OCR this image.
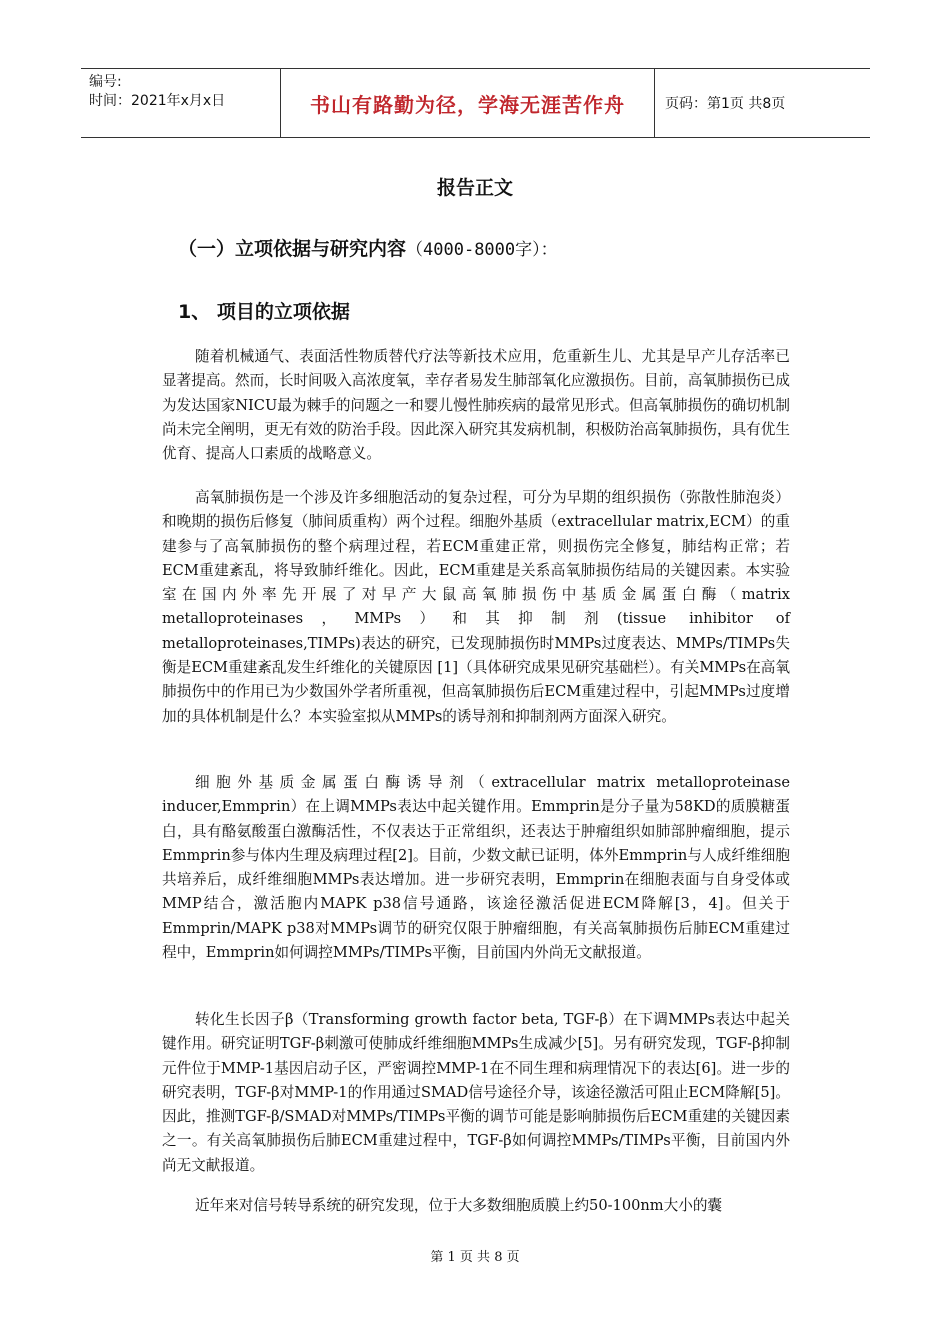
编号:
时间：2021年x月x日	书山有路勤为径，学海无涯苦作舟	页码：第1页 共8页
报告正文
（一）立项依据与研究内容（4000-8000字）：
1、 项目的立项依据

随着机械通气、表面活性物质替代疗法等新技术应用，危重新生儿、尤其是早产儿存活率已显著提高。然而，长时间吸入高浓度氧，幸存者易发生肺部氧化应激损伤。目前，高氧肺损伤已成为发达国家NICU最为棘手的问题之一和婴儿慢性肺疾病的最常见形式。但高氧肺损伤的确切机制尚未完全阐明，更无有效的防治手段。因此深入研究其发病机制，积极防治高氧肺损伤，具有优生优育、提高人口素质的战略意义。

高氧肺损伤是一个涉及许多细胞活动的复杂过程，可分为早期的组织损伤（弥散性肺泡炎）和晚期的损伤后修复（肺间质重构）两个过程。细胞外基质（extracellular matrix,ECM）的重建参与了高氧肺损伤的整个病理过程，若ECM重建正常，则损伤完全修复，肺结构正常；若ECM重建紊乱，将导致肺纤维化。因此，ECM重建是关系高氧肺损伤结局的关键因素。本实验室在国内外率先开展了对早产大鼠高氧肺损伤中基质金属蛋白酶（matrix metalloproteinases，MMPs）和其抑制剂(tissue inhibitor of metalloproteinases,TIMPs)表达的研究，已发现肺损伤时MMPs过度表达、MMPs/TIMPs失衡是ECM重建紊乱发生纤维化的关键原因 [1]（具体研究成果见研究基础栏）。有关MMPs在高氧肺损伤中的作用已为少数国外学者所重视，但高氧肺损伤后ECM重建过程中，引起MMPs过度增加的具体机制是什么？本实验室拟从MMPs的诱导剂和抑制剂两方面深入研究。

细胞外基质金属蛋白酶诱导剂（extracellular matrix metalloproteinase inducer,Emmprin）在上调MMPs表达中起关键作用。Emmprin是分子量为58KD的质膜糖蛋白，具有酪氨酸蛋白激酶活性，不仅表达于正常组织，还表达于肿瘤组织如肺部肿瘤细胞，提示Emmprin参与体内生理及病理过程[2]。目前，少数文献已证明，体外Emmprin与人成纤维细胞共培养后，成纤维细胞MMPs表达增加。进一步研究表明，Emmprin在细胞表面与自身受体或MMP结合，激活胞内MAPK p38信号通路，该途径激活促进ECM降解[3，4]。但关于Emmprin/MAPK p38对MMPs调节的研究仅限于肿瘤细胞，有关高氧肺损伤后肺ECM重建过程中，Emmprin如何调控MMPs/TIMPs平衡，目前国内外尚无文献报道。

转化生长因子β（Transforming growth factor beta, TGF-β）在下调MMPs表达中起关键作用。研究证明TGF-β刺激可使肺成纤维细胞MMPs生成减少[5]。另有研究发现，TGF-β抑制元件位于MMP-1基因启动子区，严密调控MMP-1在不同生理和病理情况下的表达[6]。进一步的研究表明，TGF-β对MMP-1的作用通过SMAD信号途径介导，该途径激活可阻止ECM降解[5]。因此，推测TGF-β/SMAD对MMPs/TIMPs平衡的调节可能是影响肺损伤后ECM重建的关键因素之一。有关高氧肺损伤后肺ECM重建过程中，TGF-β如何调控MMPs/TIMPs平衡，目前国内外尚无文献报道。

近年来对信号转导系统的研究发现，位于大多数细胞质膜上约50-100nm大小的囊

第 1 页 共 8 页
